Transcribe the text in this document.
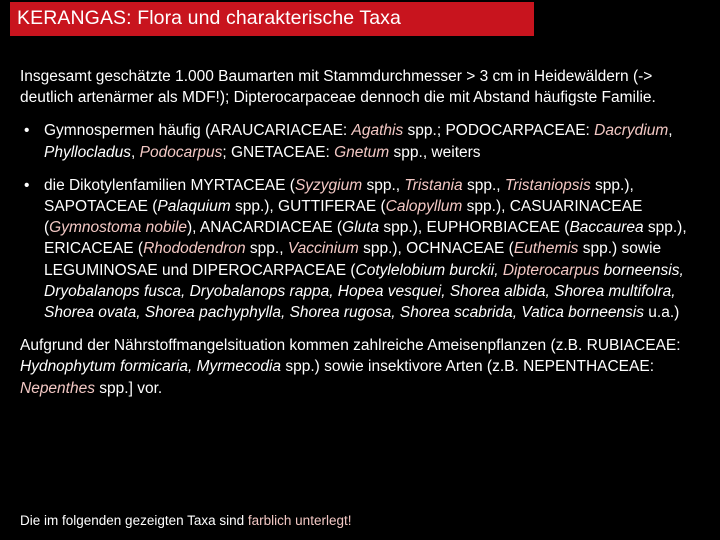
KERANGAS: Flora und charakterische Taxa

Insgesamt geschätzte 1.000 Baumarten mit Stammdurchmesser > 3 cm in Heidewäldern (-> deutlich artenärmer als MDF!); Dipterocarpaceae dennoch die mit Abstand häufigste Familie.

• Gymnospermen häufig (ARAUCARIACEAE: Agathis spp.; PODOCARPACEAE: Dacrydium, Phyllocladus, Podocarpus; GNETACEAE: Gnetum spp., weiters
• die Dikotylenfamilien MYRTACEAE (Syzygium spp., Tristania spp., Tristaniopsis spp.), SAPOTACEAE (Palaquium spp.), GUTTIFERAE (Calopyllum spp.), CASUARINACEAE (Gymnostoma nobile), ANACARDIACEAE (Gluta spp.), EUPHORBIACEAE (Baccaurea spp.), ERICACEAE (Rhododendron spp., Vaccinium spp.), OCHNACEAE (Euthemis spp.) sowie LEGUMINOSAE und DIPEROCARPACEAE (Cotylelobium burckii, Dipterocarpus borneensis, Dryobalanops fusca, Dryobalanops rappa, Hopea vesquei, Shorea albida, Shorea multifolra, Shorea ovata, Shorea pachyphylla, Shorea rugosa, Shorea scabrida, Vatica borneensis u.a.)

Aufgrund der Nährstoffmangelsituation kommen zahlreiche Ameisenpflanzen (z.B. RUBIACEAE: Hydnophytum formicaria, Myrmecodia spp.) sowie insektivore Arten (z.B. NEPENTHACEAE: Nepenthes spp.] vor.

Die im folgenden gezeigten Taxa sind farblich unterlegt!
